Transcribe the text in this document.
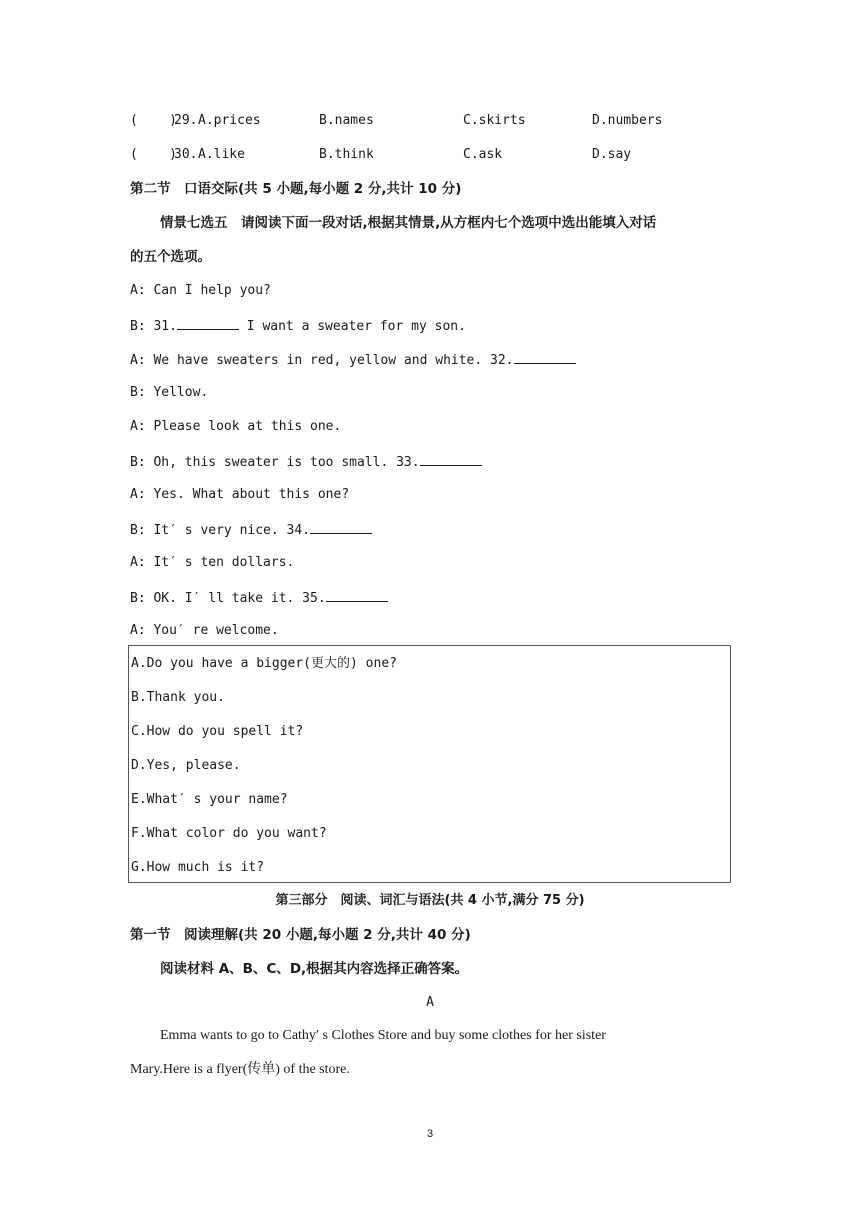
(    )
29. A.prices	B.names	C.skirts	D.numbers
(    )
30. A.like	B.think	C.ask	D.say
第二节　口语交际(共 5 小题,每小题 2 分,共计 10 分)
情景七选五　请阅读下面一段对话,根据其情景,从方框内七个选项中选出能填入对话
的五个选项。
A: Can I help you?
B: 31.	I want a sweater for my son.
A: We have sweaters in red, yellow and white. 32.
B: Yellow.
A: Please look at this one.
B: Oh, this sweater is too small. 33.
A: Yes. What about this one?
B: It′ s very nice. 34.
A: It′ s ten dollars.
B: OK. I′ ll take it. 35.
A: You′ re welcome.
A.Do you have a bigger(更大的) one?
B.Thank you.
C.How do you spell it?
D.Yes, please.
E.What′ s your name?
F.What color do you want?
G.How much is it?
第三部分　阅读、词汇与语法(共 4 小节,满分 75 分)
第一节　阅读理解(共 20 小题,每小题 2 分,共计 40 分)
阅读材料 A、B、C、D,根据其内容选择正确答案。
A
Emma wants to go to Cathy′ s Clothes Store and buy some clothes for her sister
Mary.Here is a flyer(传单) of the store.
3
